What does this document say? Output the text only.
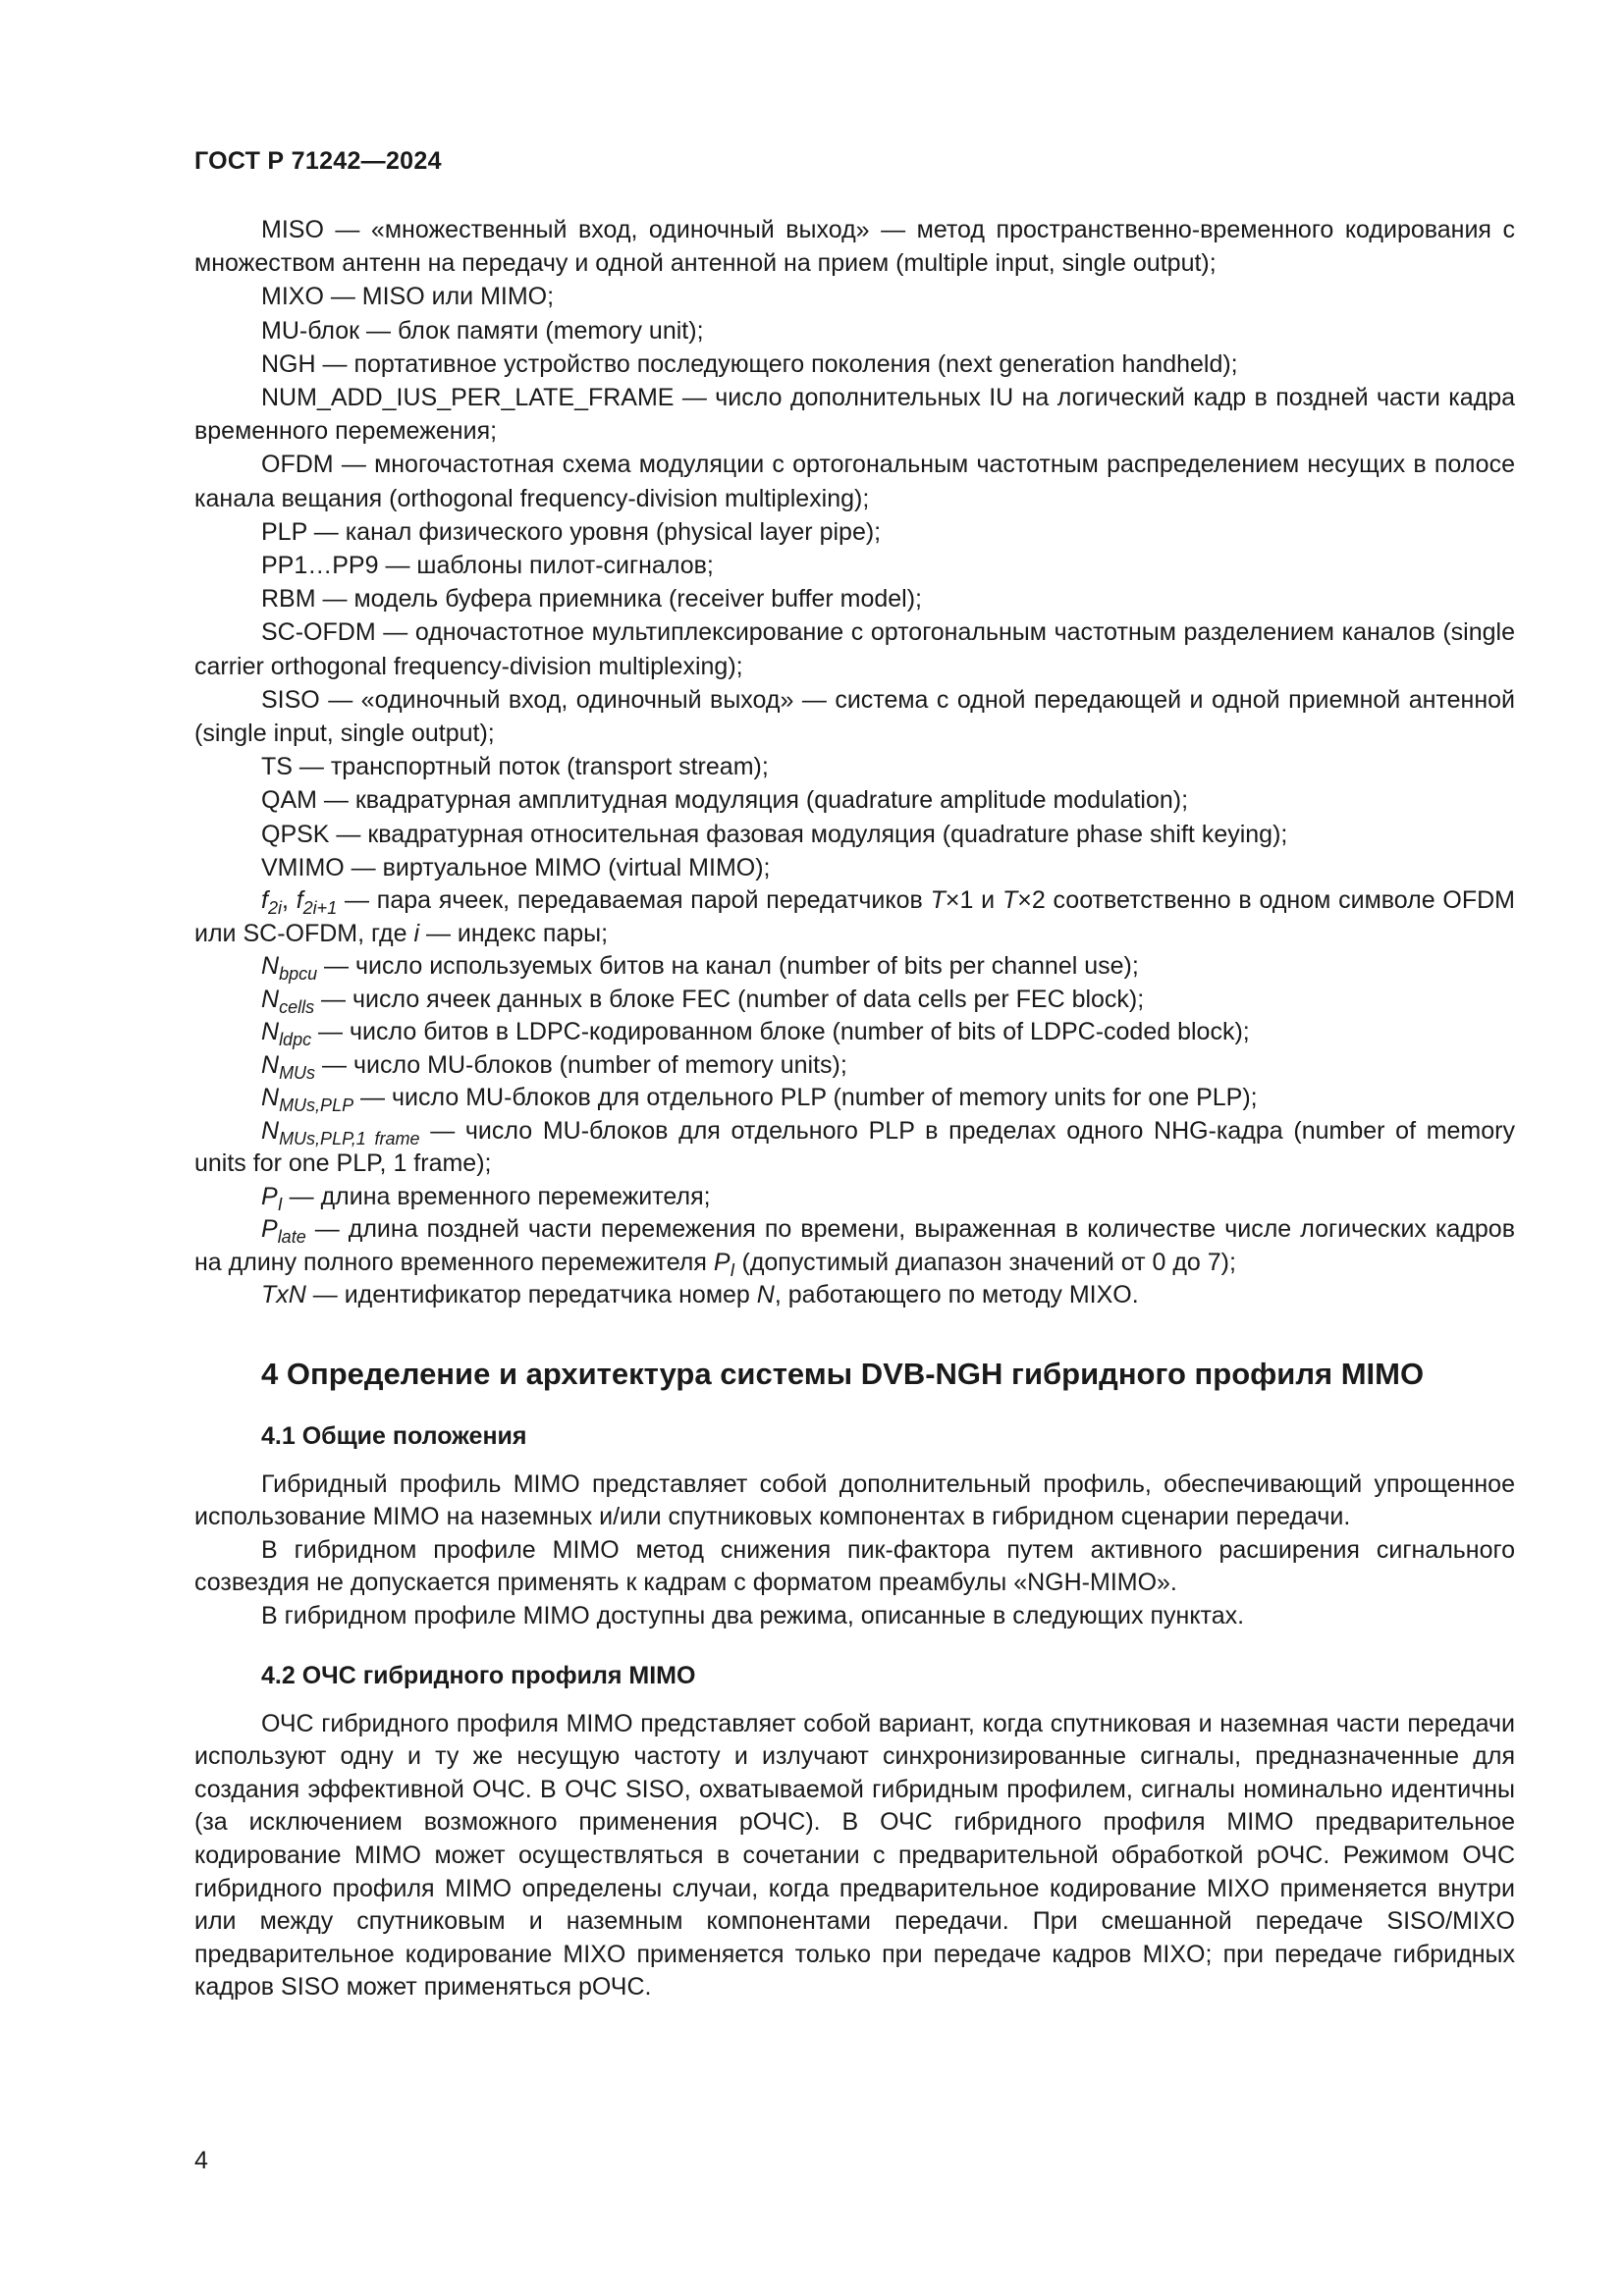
ГОСТ Р 71242—2024

MISO — «множественный вход, одиночный выход» — метод пространственно-временного кодирования с множеством антенн на передачу и одной антенной на прием (multiple input, single output);

MIXO — MISO или MIMO;

MU-блок — блок памяти (memory unit);

NGH — портативное устройство последующего поколения (next generation handheld);

NUM_ADD_IUS_PER_LATE_FRAME — число дополнительных IU на логический кадр в поздней части кадра временного перемежения;

OFDM — многочастотная схема модуляции с ортогональным частотным распределением несущих в полосе канала вещания (orthogonal frequency-division multiplexing);

PLP — канал физического уровня (physical layer pipe);

PP1…PP9 — шаблоны пилот-сигналов;

RBM — модель буфера приемника (receiver buffer model);

SC-OFDM — одночастотное мультиплексирование с ортогональным частотным разделением каналов (single carrier orthogonal frequency-division multiplexing);

SISO — «одиночный вход, одиночный выход» — система с одной передающей и одной приемной антенной (single input, single output);

TS — транспортный поток (transport stream);

QAM — квадратурная амплитудная модуляция (quadrature amplitude modulation);

QPSK — квадратурная относительная фазовая модуляция (quadrature phase shift keying);

VMIMO — виртуальное MIMO (virtual MIMO);

$f_{2i}$, $f_{2i+1}$ — пара ячеек, передаваемая парой передатчиков T×1 и T×2 соответственно в одном символе OFDM или SC-OFDM, где i — индекс пары;

$N_{bpcu}$ — число используемых битов на канал (number of bits per channel use);

$N_{cells}$ — число ячеек данных в блоке FEC (number of data cells per FEC block);

$N_{ldpc}$ — число битов в LDPC-кодированном блоке (number of bits of LDPC-coded block);

$N_{MUs}$ — число MU-блоков (number of memory units);

$N_{MUs,PLP}$ — число MU-блоков для отдельного PLP (number of memory units for one PLP);

$N_{MUs,PLP,1 frame}$ — число MU-блоков для отдельного PLP в пределах одного NHG-кадра (number of memory units for one PLP, 1 frame);

$P_I$ — длина временного перемежителя;

$P_{late}$ — длина поздней части перемежения по времени, выраженная в количестве числе логических кадров на длину полного временного перемежителя $P_I$ (допустимый диапазон значений от 0 до 7);

TxN — идентификатор передатчика номер N, работающего по методу MIXO.

4 Определение и архитектура системы DVB-NGH гибридного профиля MIMO
4.1 Общие положения

Гибридный профиль MIMO представляет собой дополнительный профиль, обеспечивающий упрощенное использование MIMO на наземных и/или спутниковых компонентах в гибридном сценарии передачи.

В гибридном профиле MIMO метод снижения пик-фактора путем активного расширения сигнального созвездия не допускается применять к кадрам с форматом преамбулы «NGH-MIMO».

В гибридном профиле MIMO доступны два режима, описанные в следующих пунктах.

4.2 ОЧС гибридного профиля MIMO

ОЧС гибридного профиля MIMO представляет собой вариант, когда спутниковая и наземная части передачи используют одну и ту же несущую частоту и излучают синхронизированные сигналы, предназначенные для создания эффективной ОЧС. В ОЧС SISO, охватываемой гибридным профилем, сигналы номинально идентичны (за исключением возможного применения рОЧС). В ОЧС гибридного профиля MIMO предварительное кодирование MIMO может осуществляться в сочетании с предварительной обработкой рОЧС. Режимом ОЧС гибридного профиля MIMO определены случаи, когда предварительное кодирование MIXO применяется внутри или между спутниковым и наземным компонентами передачи. При смешанной передаче SISO/MIXO предварительное кодирование MIXO применяется только при передаче кадров MIXO; при передаче гибридных кадров SISO может применяться рОЧС.

4
